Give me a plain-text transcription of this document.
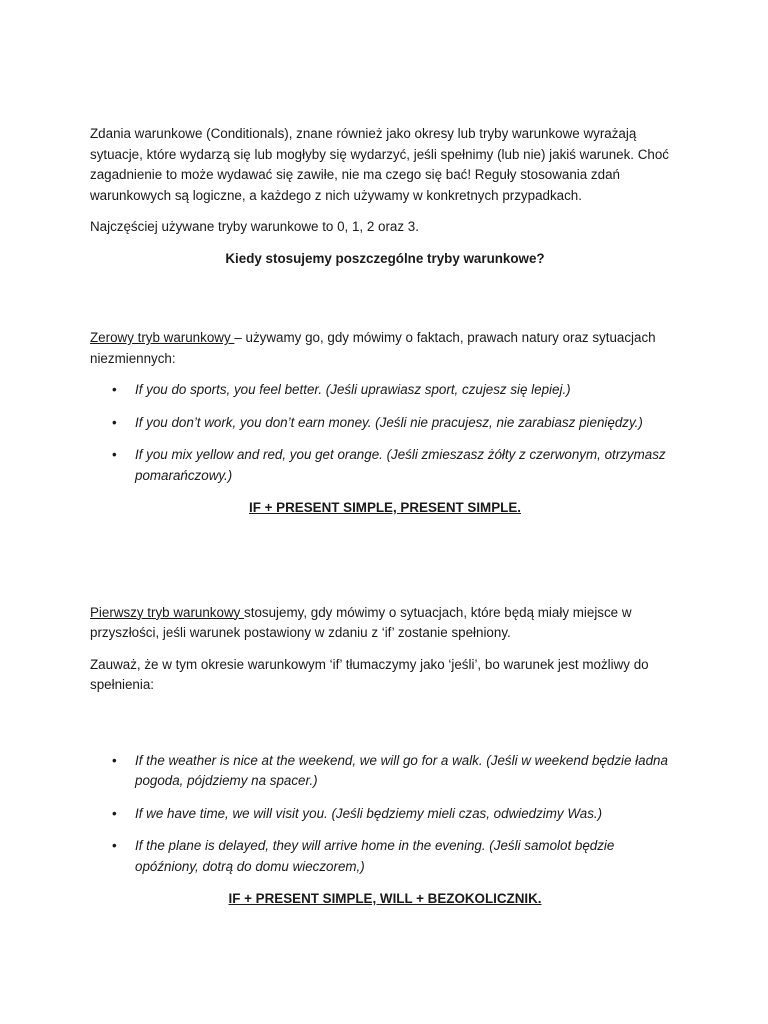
Zdania warunkowe (Conditionals), znane również jako okresy lub tryby warunkowe wyrażają sytuacje, które wydarzą się lub mogłyby się wydarzyć, jeśli spełnimy (lub nie) jakiś warunek. Choć zagadnienie to może wydawać się zawiłe, nie ma czego się bać! Reguły stosowania zdań warunkowych są logiczne, a każdego z nich używamy w konkretnych przypadkach.

Najczęściej używane tryby warunkowe to 0, 1, 2 oraz 3.

Kiedy stosujemy poszczególne tryby warunkowe?

Zerowy tryb warunkowy – używamy go, gdy mówimy o faktach, prawach natury oraz sytuacjach niezmiennych:

• If you do sports, you feel better. (Jeśli uprawiasz sport, czujesz się lepiej.)
• If you don’t work, you don’t earn money. (Jeśli nie pracujesz, nie zarabiasz pieniędzy.)
• If you mix yellow and red, you get orange. (Jeśli zmieszasz żółty z czerwonym, otrzymasz pomarańczowy.)

IF + PRESENT SIMPLE, PRESENT SIMPLE.

Pierwszy tryb warunkowy stosujemy, gdy mówimy o sytuacjach, które będą miały miejsce w przyszłości, jeśli warunek postawiony w zdaniu z ‘if’ zostanie spełniony.

Zauważ, że w tym okresie warunkowym ‘if’ tłumaczymy jako ‘jeśli’, bo warunek jest możliwy do spełnienia:

• If the weather is nice at the weekend, we will go for a walk. (Jeśli w weekend będzie ładna pogoda, pójdziemy na spacer.)
• If we have time, we will visit you. (Jeśli będziemy mieli czas, odwiedzimy Was.)
• If the plane is delayed, they will arrive home in the evening. (Jeśli samolot będzie opóźniony, dotrą do domu wieczorem,)

IF + PRESENT SIMPLE, WILL + BEZOKOLICZNIK.
